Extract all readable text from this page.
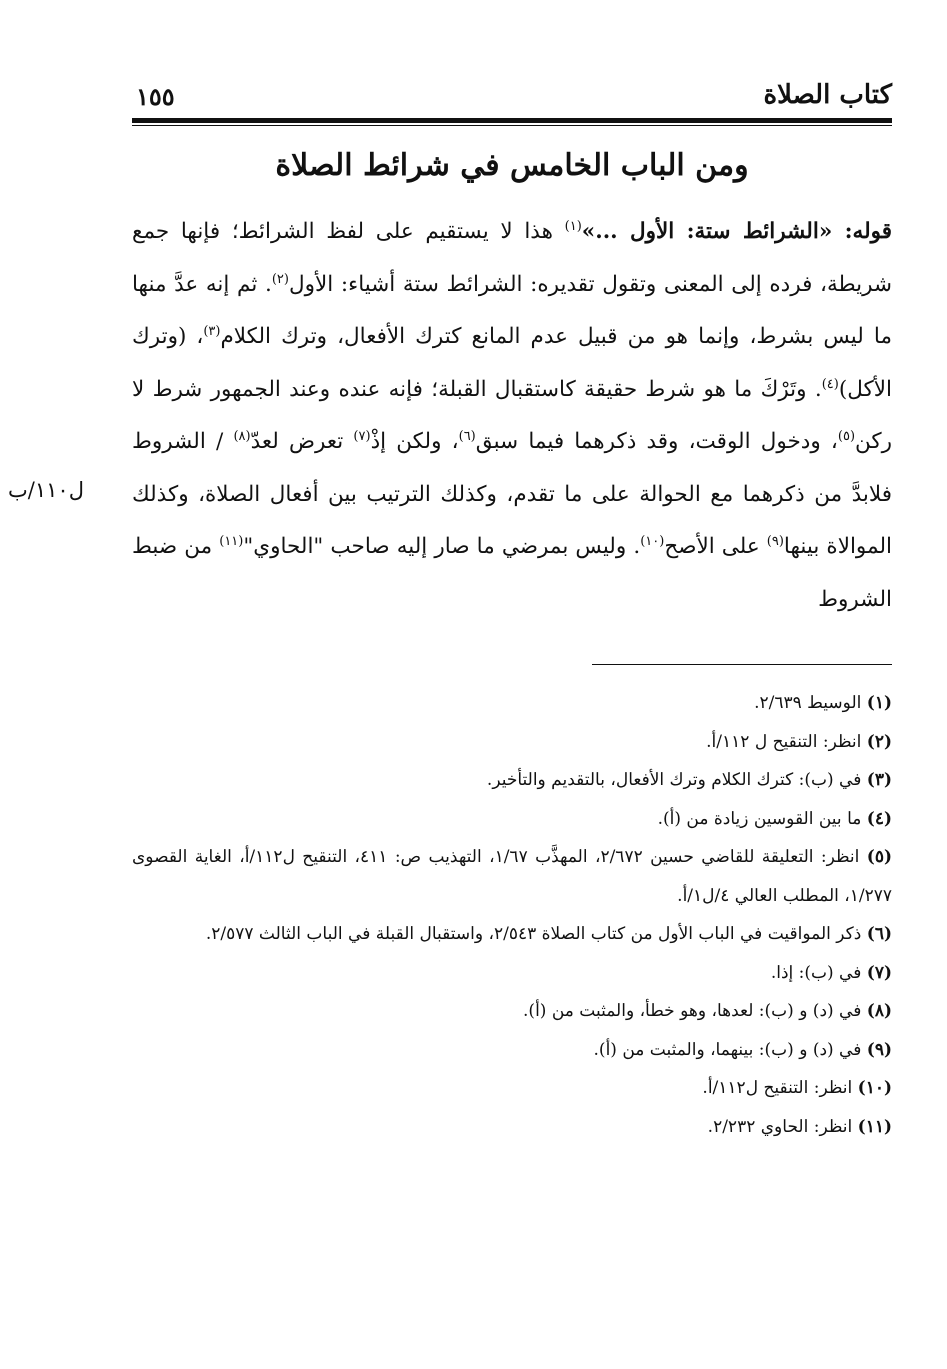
كتاب الصلاة
١٥٥
ومن الباب الخامس في شرائط الصلاة
ل١١٠/ب

قوله: «الشرائط ستة: الأول ...»$^{(١)}$ هذا لا يستقيم على لفظ الشرائط؛ فإنها جمع شريطة، فرده إلى المعنى وتقول تقديره: الشرائط ستة أشياء: الأول$^{(٢)}$. ثم إنه عدَّ منها ما ليس بشرط، وإنما هو من قبيل عدم المانع كترك الأفعال، وترك الكلام$^{(٣)}$، (وترك الأكل)$^{(٤)}$. وتَرْكَ ما هو شرط حقيقة كاستقبال القبلة؛ فإنه عنده وعند الجمهور شرط لا ركن$^{(٥)}$، ودخول الوقت، وقد ذكرهما فيما سبق$^{(٦)}$، ولكن إذْ$^{(٧)}$ تعرض لعدّ$^{(٨)}$ / الشروط فلابدَّ من ذكرهما مع الحوالة على ما تقدم، وكذلك الترتيب بين أفعال الصلاة، وكذلك الموالاة بينها$^{(٩)}$ على الأصح$^{(١٠)}$. وليس بمرضي ما صار إليه صاحب "الحاوي"$^{(١١)}$ من ضبط الشروط

(١) الوسيط ٢/٦٣٩.

(٢) انظر: التنقيح ل ١١٢/أ.

(٣) في (ب): كترك الكلام وترك الأفعال، بالتقديم والتأخير.

(٤) ما بين القوسين زيادة من (أ).

(٥) انظر: التعليقة للقاضي حسين ٢/٦٧٢، المهذَّب ١/٦٧، التهذيب ص: ٤١١، التنقيح ل١١٢/أ، الغاية القصوى ١/٢٧٧، المطلب العالي ٤/ل١/أ.

(٦) ذكر المواقيت في الباب الأول من كتاب الصلاة ٢/٥٤٣، واستقبال القبلة في الباب الثالث ٢/٥٧٧.

(٧) في (ب): إذا.

(٨) في (د) و (ب): لعدها، وهو خطأ، والمثبت من (أ).

(٩) في (د) و (ب): بينهما، والمثبت من (أ).

(١٠) انظر: التنقيح ل١١٢/أ.

(١١) انظر: الحاوي ٢/٢٣٢.
